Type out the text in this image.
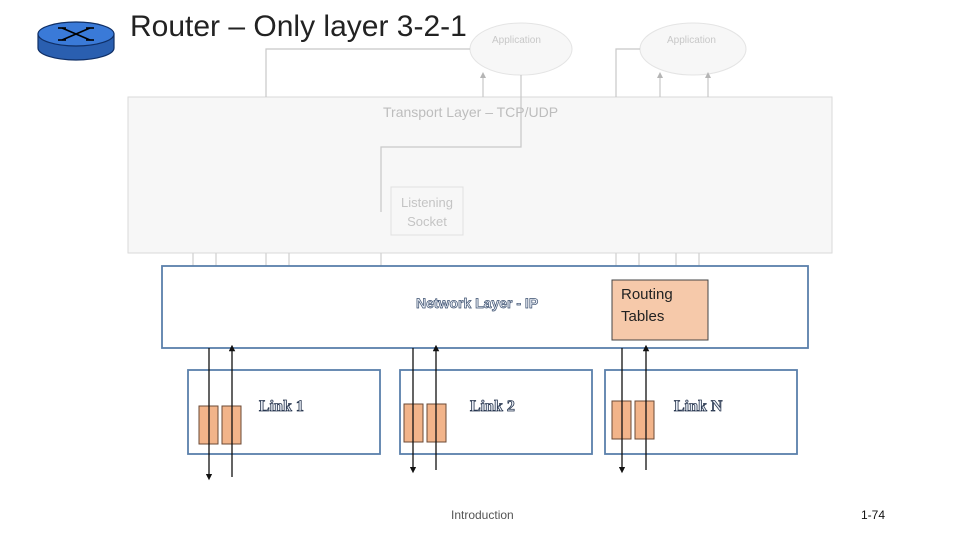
Router – Only layer 3-2-1	Application	Application
Transport Layer – TCP/UDP
Listening
Socket
Network Layer - IP	Routing
Tables
Link 1	Link 2	Link N
Introduction	1-74
